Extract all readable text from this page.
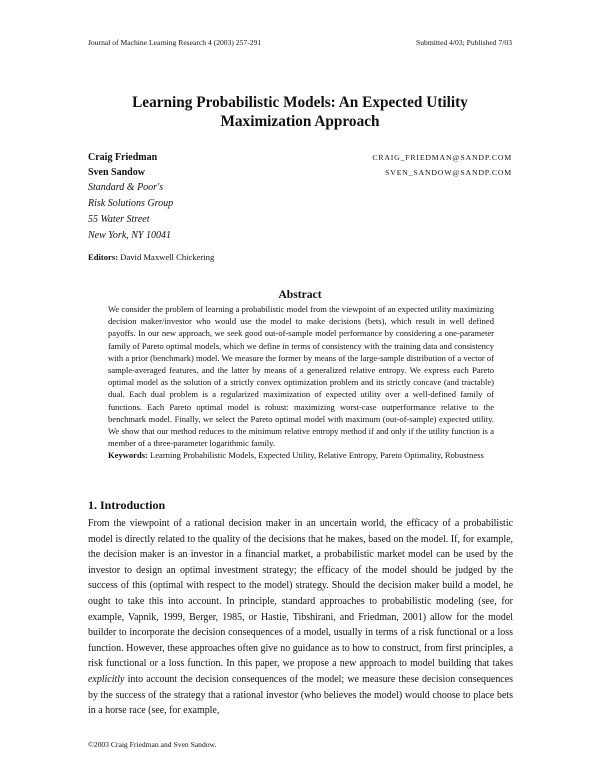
Journal of Machine Learning Research 4 (2003) 257-291	Submitted 4/03; Published 7/03
Learning Probabilistic Models: An Expected Utility
Maximization Approach
Craig Friedman	CRAIG_FRIEDMAN@SANDP.COM
Sven Sandow	SVEN_SANDOW@SANDP.COM
Standard & Poor's
Risk Solutions Group
55 Water Street
New York, NY 10041
Editors: David Maxwell Chickering
Abstract

We consider the problem of learning a probabilistic model from the viewpoint of an expected utility maximizing decision maker/investor who would use the model to make decisions (bets), which result in well defined payoffs. In our new approach, we seek good out-of-sample model performance by considering a one-parameter family of Pareto optimal models, which we define in terms of consistency with the training data and consistency with a prior (benchmark) model. We measure the former by means of the large-sample distribution of a vector of sample-averaged features, and the latter by means of a generalized relative entropy. We express each Pareto optimal model as the solution of a strictly convex optimization problem and its strictly concave (and tractable) dual. Each dual problem is a regularized maximization of expected utility over a well-defined family of functions. Each Pareto optimal model is robust: maximizing worst-case outperformance relative to the benchmark model. Finally, we select the Pareto optimal model with maximum (out-of-sample) expected utility. We show that our method reduces to the minimum relative entropy method if and only if the utility function is a member of a three-parameter logarithmic family.

Keywords: Learning Probabilistic Models, Expected Utility, Relative Entropy, Pareto Optimality, Robustness

1. Introduction

From the viewpoint of a rational decision maker in an uncertain world, the efficacy of a probabilistic model is directly related to the quality of the decisions that he makes, based on the model. If, for example, the decision maker is an investor in a financial market, a probabilistic market model can be used by the investor to design an optimal investment strategy; the efficacy of the model should be judged by the success of this (optimal with respect to the model) strategy. Should the decision maker build a model, he ought to take this into account. In principle, standard approaches to probabilistic modeling (see, for example, Vapnik, 1999, Berger, 1985, or Hastie, Tibshirani, and Friedman, 2001) allow for the model builder to incorporate the decision consequences of a model, usually in terms of a risk functional or a loss function. However, these approaches often give no guidance as to how to construct, from first principles, a risk functional or a loss function. In this paper, we propose a new approach to model building that takes explicitly into account the decision consequences of the model; we measure these decision consequences by the success of the strategy that a rational investor (who believes the model) would choose to place bets in a horse race (see, for example,

©2003 Craig Friedman and Sven Sandow.
